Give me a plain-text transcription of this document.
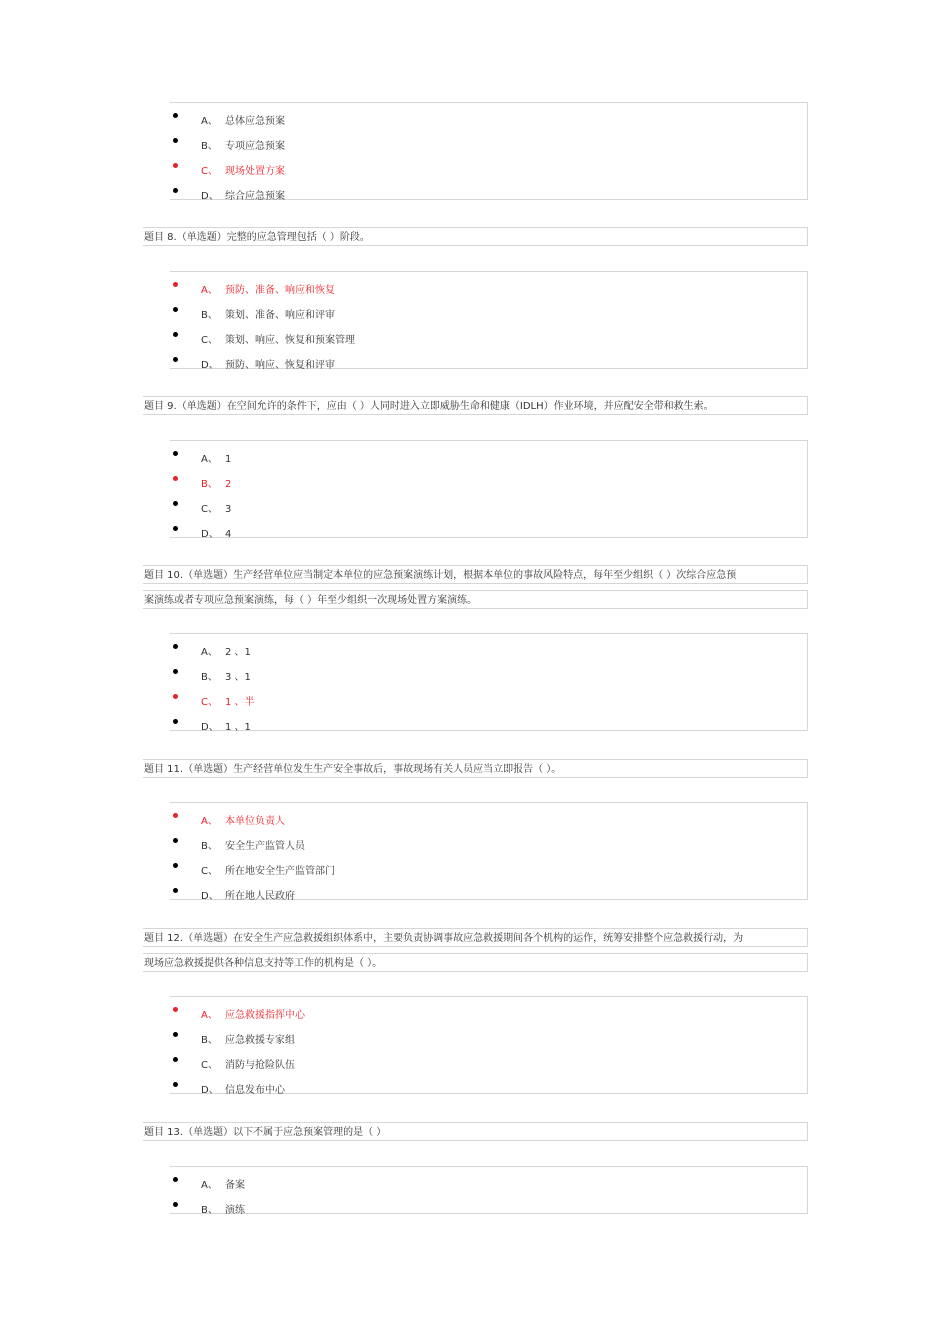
A、 总体应急预案
B、 专项应急预案
C、 现场处置方案
D、 综合应急预案
题目 8.（单选题）完整的应急管理包括（ ）阶段。
A、 预防、准备、响应和恢复
B、 策划、准备、响应和评审
C、 策划、响应、恢复和预案管理
D、 预防、响应、恢复和评审
题目 9.（单选题）在空间允许的条件下，应由（ ）人同时进入立即威胁生命和健康（IDLH）作业环境，并应配安全带和救生索。
A、 1
B、 2
C、 3
D、 4
题目 10.（单选题）生产经营单位应当制定本单位的应急预案演练计划，根据本单位的事故风险特点，每年至少组织（ ）次综合应急预
案演练或者专项应急预案演练，每（ ）年至少组织一次现场处置方案演练。
A、 2 、1
B、 3 、1
C、 1 、半
D、 1 、1
题目 11.（单选题）生产经营单位发生生产安全事故后，事故现场有关人员应当立即报告（ ）。
A、 本单位负责人
B、 安全生产监管人员
C、 所在地安全生产监管部门
D、 所在地人民政府
题目 12.（单选题）在安全生产应急救援组织体系中，主要负责协调事故应急救援期间各个机构的运作，统筹安排整个应急救援行动，为
现场应急救援提供各种信息支持等工作的机构是（ ）。
A、 应急救援指挥中心
B、 应急救援专家组
C、 消防与抢险队伍
D、 信息发布中心
题目 13.（单选题）以下不属于应急预案管理的是（ ）
A、 备案
B、 演练
